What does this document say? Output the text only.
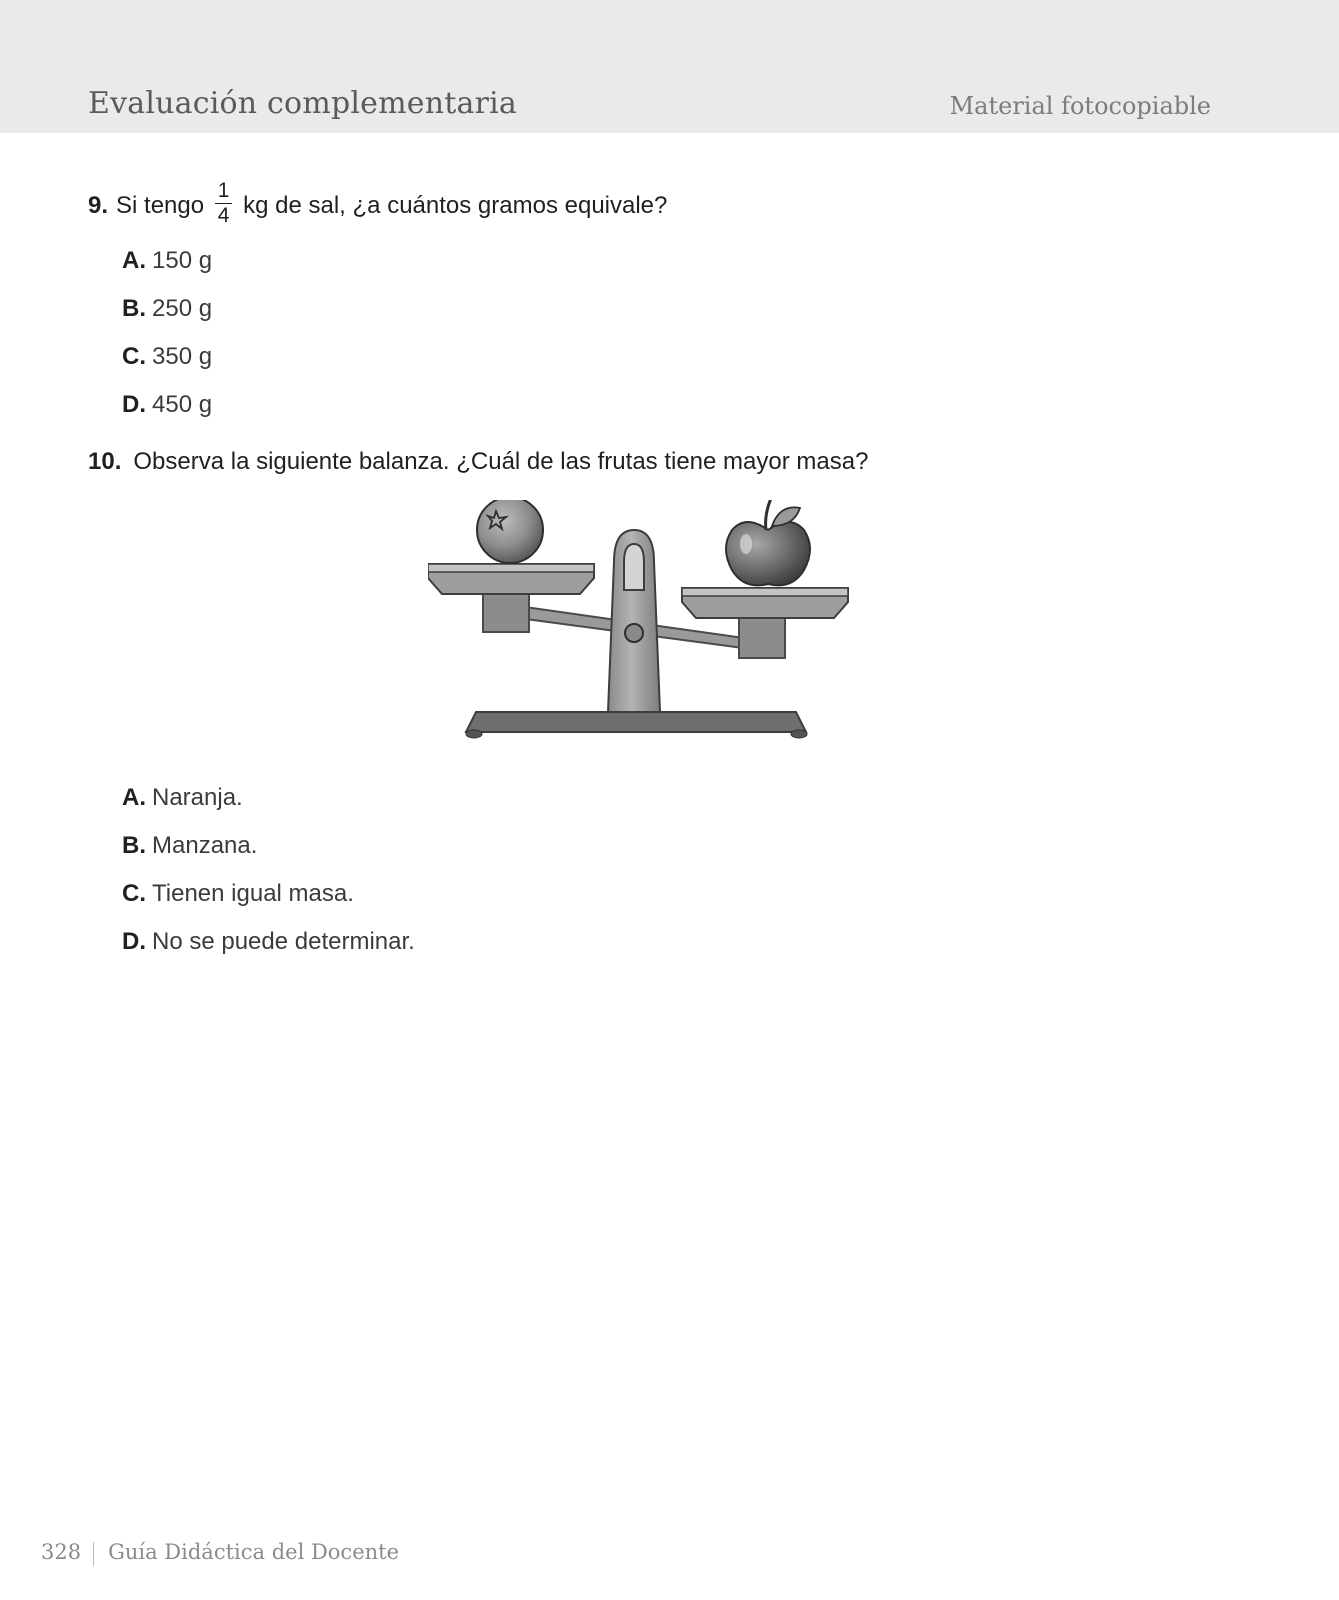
Evaluación complementaria	Material fotocopiable
9. Si tengo $\frac{1}{4}$ kg de sal, ¿a cuántos gramos equivale?
A. 150 g
B. 250 g
C. 350 g
D. 450 g
10. Observa la siguiente balanza. ¿Cuál de las frutas tiene mayor masa?
A. Naranja.
B. Manzana.
C. Tienen igual masa.
D. No se puede determinar.
328 Guía Didáctica del Docente
